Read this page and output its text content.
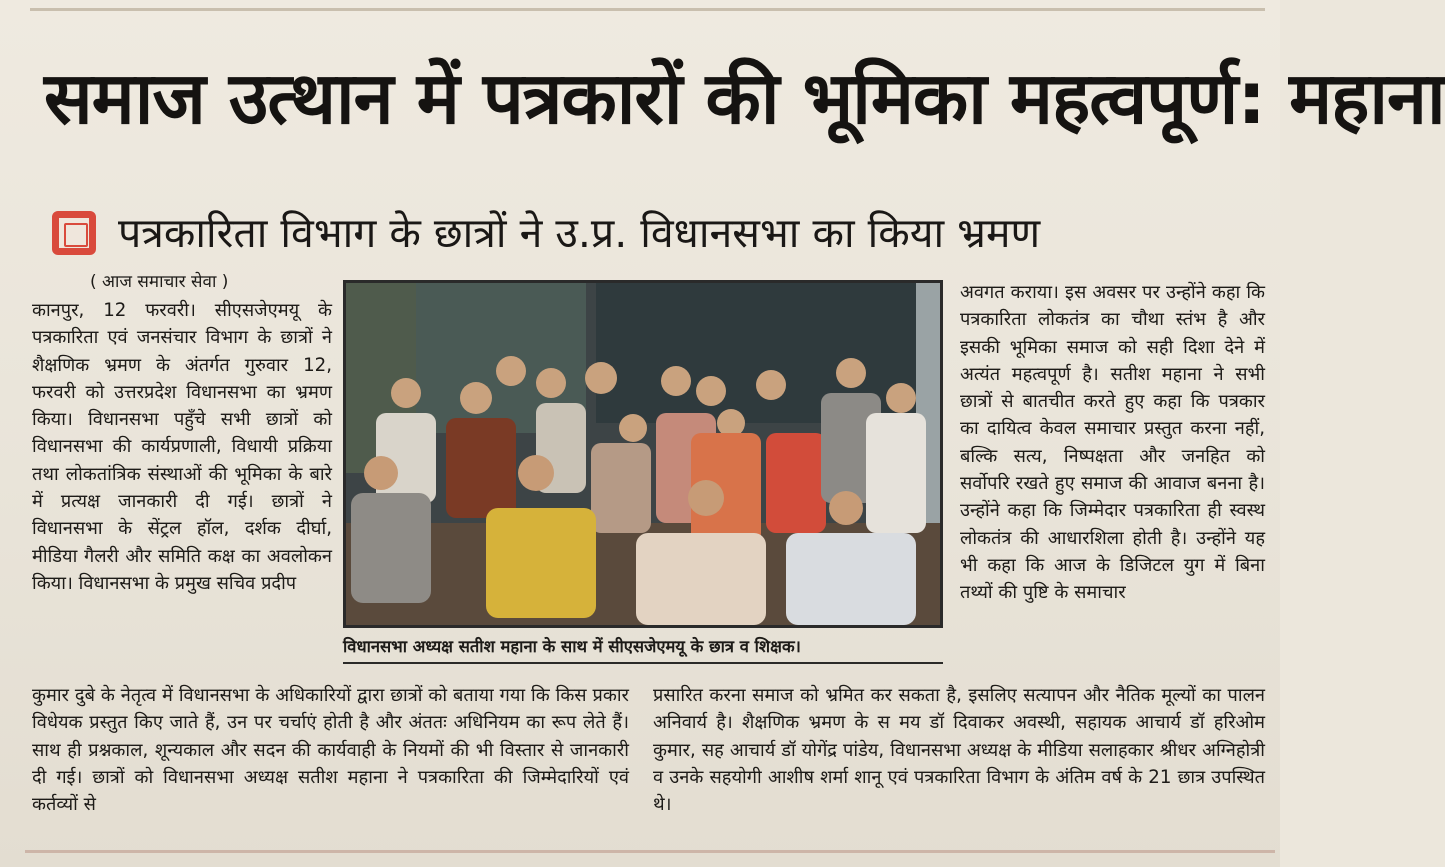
समाज उत्थान में पत्रकारों की भूमिका महत्वपूर्ण: महाना
पत्रकारिता विभाग के छात्रों ने उ.प्र. विधानसभा का किया भ्रमण
( आज समाचार सेवा )
कानपुर, 12 फरवरी। सीएसजेएमयू के पत्रकारिता एवं जनसंचार विभाग के छात्रों ने शैक्षणिक भ्रमण के अंतर्गत गुरुवार 12, फरवरी को उत्तरप्रदेश विधानसभा का भ्रमण किया। विधानसभा पहुँचे सभी छात्रों को विधानसभा की कार्यप्रणाली, विधायी प्रक्रिया तथा लोकतांत्रिक संस्थाओं की भूमिका के बारे में प्रत्यक्ष जानकारी दी गई। छात्रों ने विधानसभा के सेंट्रल हॉल, दर्शक दीर्घा, मीडिया गैलरी और समिति कक्ष का अवलोकन किया। विधानसभा के प्रमुख सचिव प्रदीप
विधानसभा अध्यक्ष सतीश महाना के साथ में सीएसजेएमयू के छात्र व शिक्षक।
अवगत कराया। इस अवसर पर उन्होंने कहा कि पत्रकारिता लोकतंत्र का चौथा स्तंभ है और इसकी भूमिका समाज को सही दिशा देने में अत्यंत महत्वपूर्ण है। सतीश महाना ने सभी छात्रों से बातचीत करते हुए कहा कि पत्रकार का दायित्व केवल समाचार प्रस्तुत करना नहीं, बल्कि सत्य, निष्पक्षता और जनहित को सर्वोपरि रखते हुए समाज की आवाज बनना है। उन्होंने कहा कि जिम्मेदार पत्रकारिता ही स्वस्थ लोकतंत्र की आधारशिला होती है। उन्होंने यह भी कहा कि आज के डिजिटल युग में बिना तथ्यों की पुष्टि के समाचार
कुमार दुबे के नेतृत्व में विधानसभा के अधिकारियों द्वारा छात्रों को बताया गया कि किस प्रकार विधेयक प्रस्तुत किए जाते हैं, उन पर चर्चाएं होती है और अंततः अधिनियम का रूप लेते हैं। साथ ही प्रश्नकाल, शून्यकाल और सदन की कार्यवाही के नियमों की भी विस्तार से जानकारी दी गई। छात्रों को विधानसभा अध्यक्ष सतीश महाना ने पत्रकारिता की जिम्मेदारियों एवं कर्तव्यों से
प्रसारित करना समाज को भ्रमित कर सकता है, इसलिए सत्यापन और नैतिक मूल्यों का पालन अनिवार्य है। शैक्षणिक भ्रमण के स मय डॉ दिवाकर अवस्थी, सहायक आचार्य डॉ हरिओम कुमार, सह आचार्य डॉ योगेंद्र पांडेय, विधानसभा अध्यक्ष के मीडिया सलाहकार श्रीधर अग्निहोत्री व उनके सहयोगी आशीष शर्मा शानू एवं पत्रकारिता विभाग के अंतिम वर्ष के 21 छात्र उपस्थित थे।
